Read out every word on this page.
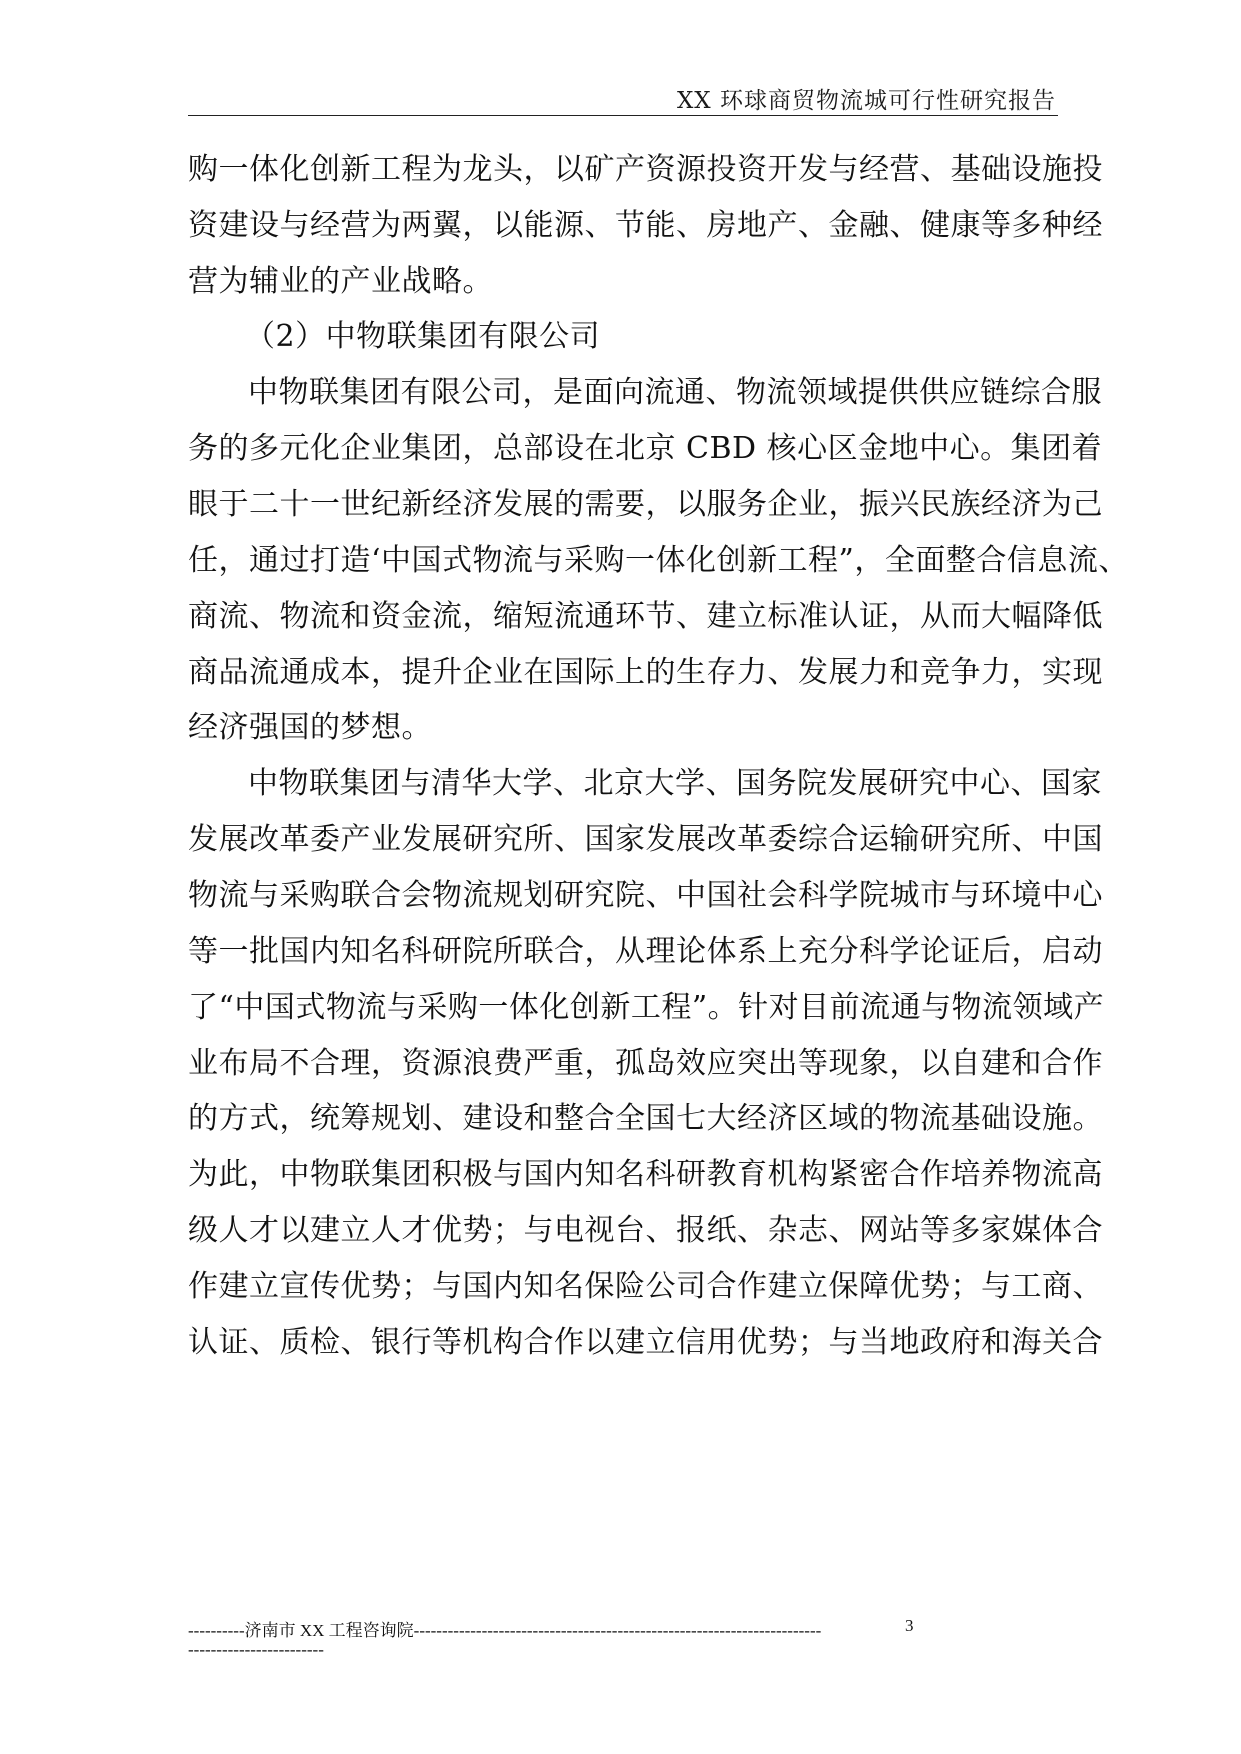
XX 环球商贸物流城可行性研究报告
购一体化创新工程为龙头，以矿产资源投资开发与经营、基础设施投
资建设与经营为两翼，以能源、节能、房地产、金融、健康等多种经
营为辅业的产业战略。
（2）中物联集团有限公司
中物联集团有限公司，是面向流通、物流领域提供供应链综合服
务的多元化企业集团，总部设在北京 CBD 核心区金地中心。集团着
眼于二十一世纪新经济发展的需要，以服务企业，振兴民族经济为己
任，通过打造‘中国式物流与采购一体化创新工程”，全面整合信息流、
商流、物流和资金流，缩短流通环节、建立标准认证，从而大幅降低
商品流通成本，提升企业在国际上的生存力、发展力和竞争力，实现
经济强国的梦想。
中物联集团与清华大学、北京大学、国务院发展研究中心、国家
发展改革委产业发展研究所、国家发展改革委综合运输研究所、中国
物流与采购联合会物流规划研究院、中国社会科学院城市与环境中心
等一批国内知名科研院所联合，从理论体系上充分科学论证后，启动
了“中国式物流与采购一体化创新工程”。针对目前流通与物流领域产
业布局不合理，资源浪费严重，孤岛效应突出等现象，以自建和合作
的方式，统筹规划、建设和整合全国七大经济区域的物流基础设施。
为此，中物联集团积极与国内知名科研教育机构紧密合作培养物流高
级人才以建立人才优势；与电视台、报纸、杂志、网站等多家媒体合
作建立宣传优势；与国内知名保险公司合作建立保障优势；与工商、
认证、质检、银行等机构合作以建立信用优势；与当地政府和海关合
----------济南市 XX 工程咨询院------------------------------------------------------------------------	3
------------------------
